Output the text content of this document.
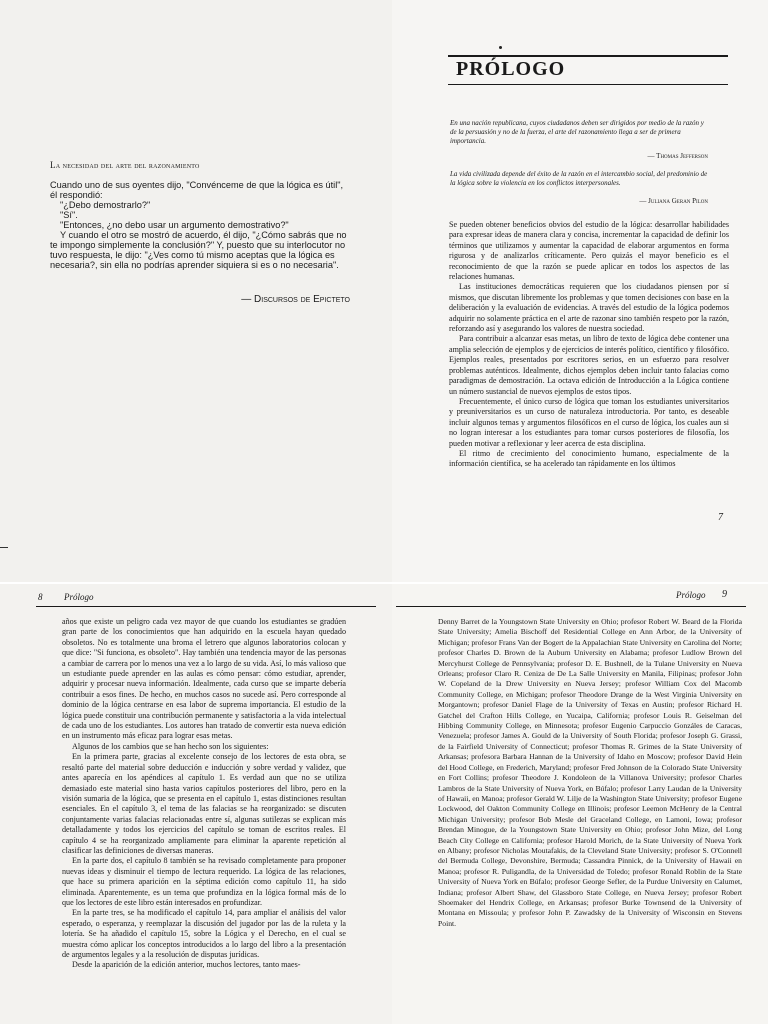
La necesidad del arte del razonamiento

Cuando uno de sus oyentes dijo, "Convénceme de que la lógica es útil", él respondió:

"¿Debo demostrarlo?"

"Sí".

"Entonces, ¿no debo usar un argumento demostrativo?"

Y cuando el otro se mostró de acuerdo, él dijo, "¿Cómo sabrás que no te impongo simplemente la conclusión?" Y, puesto que su interlocutor no tuvo respuesta, le dijo: "¿Ves como tú mismo aceptas que la lógica es necesaria?, sin ella no podrías aprender siquiera si es o no necesaria".

— Discursos de Epicteto
PRÓLOGO
En una nación republicana, cuyos ciudadanos deben ser dirigidos por medio de la razón y de la persuasión y no de la fuerza, el arte del razonamiento llega a ser de primera importancia.
— Thomas Jefferson
La vida civilizada depende del éxito de la razón en el intercambio social, del predominio de la lógica sobre la violencia en los conflictos interpersonales.
— Juliana Geran Pilon

Se pueden obtener beneficios obvios del estudio de la lógica: desarrollar habilidades para expresar ideas de manera clara y concisa, incrementar la capacidad de definir los términos que utilizamos y aumentar la capacidad de elaborar argumentos en forma rigurosa y de analizarlos críticamente. Pero quizás el mayor beneficio es el reconocimiento de que la razón se puede aplicar en todos los aspectos de las relaciones humanas.

Las instituciones democráticas requieren que los ciudadanos piensen por sí mismos, que discutan libremente los problemas y que tomen decisiones con base en la deliberación y la evaluación de evidencias. A través del estudio de la lógica podemos adquirir no solamente práctica en el arte de razonar sino también respeto por la razón, reforzando así y asegurando los valores de nuestra sociedad.

Para contribuir a alcanzar esas metas, un libro de texto de lógica debe contener una amplia selección de ejemplos y de ejercicios de interés político, científico y filosófico. Ejemplos reales, presentados por escritores serios, en un esfuerzo para resolver problemas auténticos. Idealmente, dichos ejemplos deben incluir tanto falacias como paradigmas de demostración. La octava edición de Introducción a la Lógica contiene un número sustancial de nuevos ejemplos de estos tipos.

Frecuentemente, el único curso de lógica que toman los estudiantes universitarios y preuniversitarios es un curso de naturaleza introductoria. Por tanto, es deseable incluir algunos temas y argumentos filosóficos en el curso de lógica, los cuales aun si no logran interesar a los estudiantes para tomar cursos posteriores de filosofía, los pueden motivar a reflexionar y leer acerca de esta disciplina.

El ritmo de crecimiento del conocimiento humano, especialmente de la información científica, se ha acelerado tan rápidamente en los últimos

7
8 Prólogo

años que existe un peligro cada vez mayor de que cuando los estudiantes se gradúen gran parte de los conocimientos que han adquirido en la escuela hayan quedado obsoletos. No es totalmente una broma el letrero que algunos laboratorios colocan y que dice: "Si funciona, es obsoleto". Hay también una tendencia mayor de las personas a cambiar de carrera por lo menos una vez a lo largo de su vida. Así, lo más valioso que un estudiante puede aprender en las aulas es cómo pensar: cómo estudiar, aprender, adquirir y procesar nueva información. Idealmente, cada curso que se imparte debería contribuir a esos fines. De hecho, en muchos casos no sucede así. Pero corresponde al dominio de la lógica centrarse en esa labor de suprema importancia. El estudio de la lógica puede constituir una contribución permanente y satisfactoria a la vida intelectual de cada uno de los estudiantes. Los autores han tratado de convertir esta nueva edición en un instrumento más eficaz para lograr esas metas.

Algunos de los cambios que se han hecho son los siguientes:

En la primera parte, gracias al excelente consejo de los lectores de esta obra, se resaltó parte del material sobre deducción e inducción y sobre verdad y validez, que antes aparecía en los apéndices al capítulo 1. Es verdad aun que no se utiliza demasiado este material sino hasta varios capítulos posteriores del libro, pero en la visión sumaria de la lógica, que se presenta en el capítulo 1, estas distinciones resultan esenciales. En el capítulo 3, el tema de las falacias se ha reorganizado: se discuten conjuntamente varias falacias relacionadas entre sí, algunas sutilezas se explican más detalladamente y todos los ejercicios del capítulo se toman de escritos reales. El capítulo 4 se ha reorganizado ampliamente para eliminar la aparente repetición al clasificar las definiciones de diversas maneras.

En la parte dos, el capítulo 8 también se ha revisado completamente para proponer nuevas ideas y disminuir el tiempo de lectura requerido. La lógica de las relaciones, que hace su primera aparición en la séptima edición como capítulo 11, ha sido eliminada. Aparentemente, es un tema que profundiza en la lógica formal más de lo que los lectores de este libro están interesados en profundizar.

En la parte tres, se ha modificado el capítulo 14, para ampliar el análisis del valor esperado, o esperanza, y reemplazar la discusión del jugador por las de la ruleta y la lotería. Se ha añadido el capítulo 15, sobre la Lógica y el Derecho, en el cual se muestra cómo aplicar los conceptos introducidos a lo largo del libro a la presentación de argumentos legales y a la resolución de disputas jurídicas.

Desde la aparición de la edición anterior, muchos lectores, tanto maes-

Prólogo 9

Denny Barret de la Youngstown State University en Ohio; profesor Robert W. Beard de la Florida State University; Amelia Bischoff del Residential College en Ann Arbor, de la University of Michigan; profesor Frans Van der Bogert de la Appalachian State University en Carolina del Norte; profesor Charles D. Brown de la Auburn University en Alabama; profesor Ludlow Brown del Mercyhurst College de Pennsylvania; profesor D. E. Bushnell, de la Tulane University en Nueva Orleans; profesor Claro R. Ceniza de De La Salle University en Manila, Filipinas; profesor John W. Copeland de la Drew University en Nueva Jersey; profesor William Cox del Macomb Community College, en Michigan; profesor Theodore Drange de la West Virginia University en Morgantown; profesor Daniel Flage de la University of Texas en Austin; profesor Richard H. Gatchel del Crafton Hills College, en Yucaipa, California; profesor Louis R. Geiselman del Hibbing Community College, en Minnesota; profesor Eugenio Carpuccio Gonzáles de Caracas, Venezuela; profesor James A. Gould de la University of South Florida; profesor Joseph G. Grassi, de la Fairfield University of Connecticut; profesor Thomas R. Grimes de la State University of Arkansas; profesora Barbara Hannan de la University of Idaho en Moscow; profesor David Hein del Hood College, en Frederich, Maryland; profesor Fred Johnson de la Colorado State University en Fort Collins; profesor Theodore J. Kondoleon de la Villanova University; profesor Charles Lambros de la State University of Nueva York, en Búfalo; profesor Larry Laudan de la University of Hawaii, en Manoa; profesor Gerald W. Lilje de la Washington State University; profesor Eugene Lockwood, del Oakton Community College en Illinois; profesor Leemon McHenry de la Central Michigan University; profesor Bob Mesle del Graceland College, en Lamoni, Iowa; profesor Brendan Minogue, de la Youngstown State University en Ohio; profesor John Mize, del Long Beach City College en California; profesor Harold Morich, de la State University of Nueva York en Albany; profesor Nicholas Moutafakis, de la Cleveland State University; profesor S. O'Connell del Bermuda College, Devonshire, Bermuda; Cassandra Pinnick, de la University of Hawaii en Manoa; profesor R. Puligandla, de la Universidad de Toledo; profesor Ronald Roblin de la State University of Nueva York en Búfalo; profesor George Sefler, de la Purdue University en Calumet, Indiana; profesor Albert Shaw, del Glassboro State College, en Nueva Jersey; profesor Robert Shoemaker del Hendrix College, en Arkansas; profesor Burke Townsend de la University of Montana en Missoula; y profesor John P. Zawadsky de la University of Wisconsin en Stevens Point.
